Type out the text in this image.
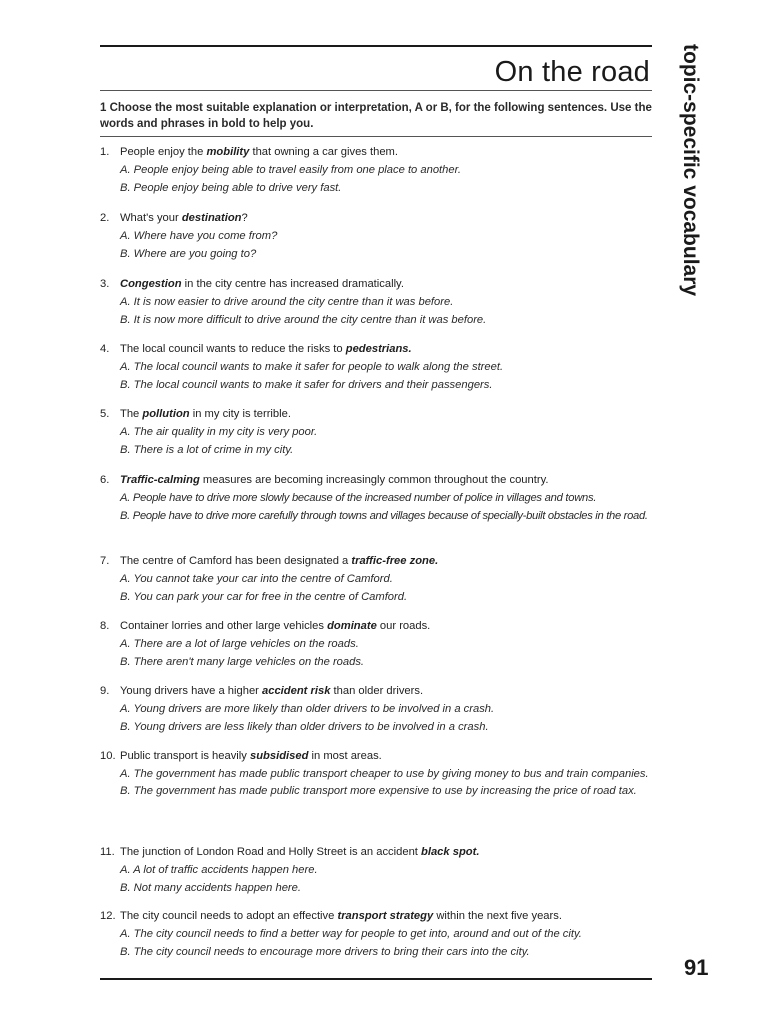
On the road	topic-specific vocabulary
1 Choose the most suitable explanation or interpretation, A or B, for the following sentences. Use the words and phrases in bold to help you.
1. People enjoy the mobility that owning a car gives them.
A. People enjoy being able to travel easily from one place to another.
B. People enjoy being able to drive very fast.
2. What's your destination?
A. Where have you come from?
B. Where are you going to?
3. Congestion in the city centre has increased dramatically.
A. It is now easier to drive around the city centre than it was before.
B. It is now more difficult to drive around the city centre than it was before.
4. The local council wants to reduce the risks to pedestrians.
A. The local council wants to make it safer for people to walk along the street.
B. The local council wants to make it safer for drivers and their passengers.
5. The pollution in my city is terrible.
A. The air quality in my city is very poor.
B. There is a lot of crime in my city.
6. Traffic-calming measures are becoming increasingly common throughout the country.
A. People have to drive more slowly because of the increased number of police in villages and towns.
B. People have to drive more carefully through towns and villages because of specially-built obstacles in the road.
7. The centre of Camford has been designated a traffic-free zone.
A. You cannot take your car into the centre of Camford.
B. You can park your car for free in the centre of Camford.
8. Container lorries and other large vehicles dominate our roads.
A. There are a lot of large vehicles on the roads.
B. There aren't many large vehicles on the roads.
9. Young drivers have a higher accident risk than older drivers.
A. Young drivers are more likely than older drivers to be involved in a crash.
B. Young drivers are less likely than older drivers to be involved in a crash.
10. Public transport is heavily subsidised in most areas.
A. The government has made public transport cheaper to use by giving money to bus and train companies.
B. The government has made public transport more expensive to use by increasing the price of road tax.
11. The junction of London Road and Holly Street is an accident black spot.
A. A lot of traffic accidents happen here.
B. Not many accidents happen here.
12. The city council needs to adopt an effective transport strategy within the next five years.
A. The city council needs to find a better way for people to get into, around and out of the city.
B. The city council needs to encourage more drivers to bring their cars into the city.
91
